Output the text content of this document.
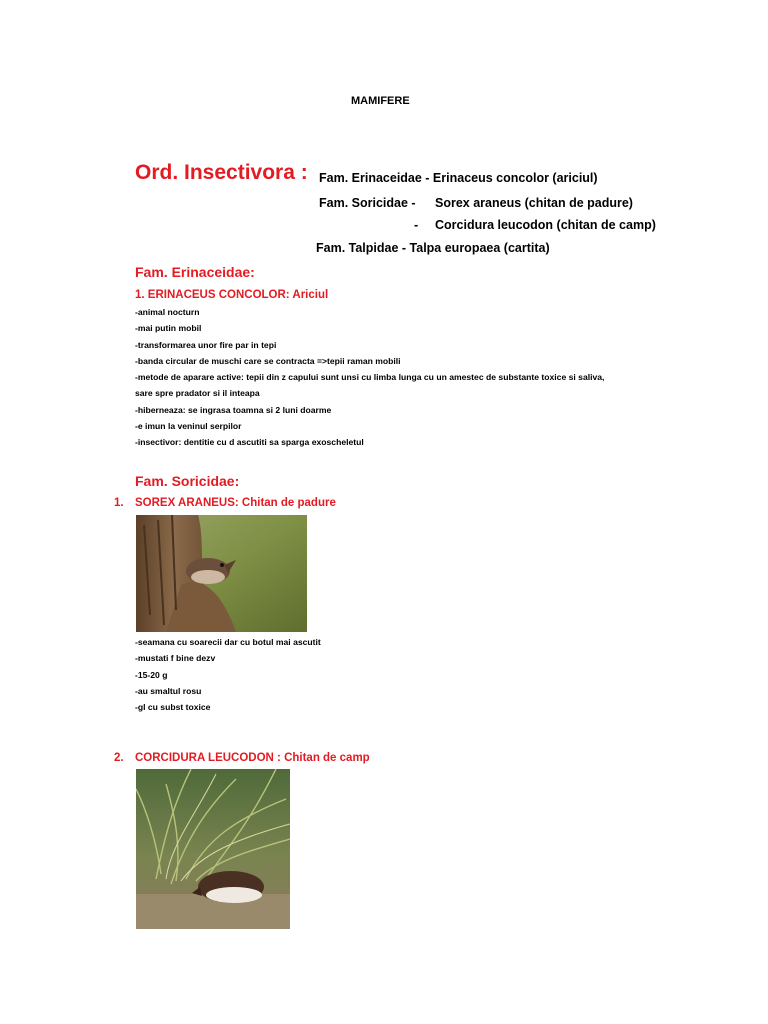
MAMIFERE
Ord. Insectivora : Fam. Erinaceidae - Erinaceus concolor (ariciul)
Fam. Soricidae - Sorex araneus (chitan de padure)
- Corcidura leucodon (chitan de camp)
Fam. Talpidae - Talpa europaea (cartita)
Fam. Erinaceidae:
1. ERINACEUS CONCOLOR: Ariciul
-animal nocturn
-mai putin mobil
-transformarea unor fire par in tepi
-banda circular de muschi care se contracta =>tepii raman mobili
-metode de aparare active: tepii din z capului sunt unsi cu limba lunga cu un amestec de substante toxice si saliva,
sare spre pradator si il inteapa
-hiberneaza: se ingrasa toamna si 2 luni doarme
-e imun la veninul serpilor
-insectivor: dentitie cu d ascutiti sa sparga exoscheletul
Fam. Soricidae:
1. SOREX ARANEUS: Chitan de padure
-seamana cu soarecii dar cu botul mai ascutit
-mustati f bine dezv
-15-20 g
-au smaltul rosu
-gl cu subst toxice
2. CORCIDURA LEUCODON : Chitan de camp
